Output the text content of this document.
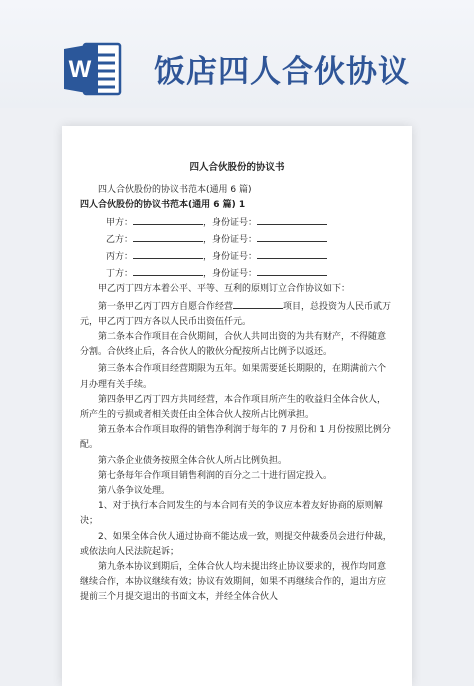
W 饭店四人合伙协议

四人合伙股份的协议书

四人合伙股份的协议书范本(通用 6 篇)

四人合伙股份的协议书范本(通用 6 篇) 1

甲方：	，身份证号：

乙方：	，身份证号：

丙方：	，身份证号：

丁方：	，身份证号：

甲乙丙丁四方本着公平、平等、互利的原则订立合作协议如下：

第一条甲乙丙丁四方自愿合作经营	项目，总投资为人民币贰万元，甲乙丙丁四方各以人民币出资伍仟元。

第二条本合作项目在合伙期间，合伙人共同出资的为共有财产，不得随意分割。合伙终止后，各合伙人的散伙分配按所占比例予以返还。

第三条本合作项目经营期限为五年。如果需要延长期限的，在期满前六个月办理有关手续。

第四条甲乙丙丁四方共同经营，本合作项目所产生的收益归全体合伙人，所产生的亏损或者相关责任由全体合伙人按所占比例承担。

第五条本合作项目取得的销售净利润于每年的 7 月份和 1 月份按照比例分配。

第六条企业债务按照全体合伙人所占比例负担。

第七条每年合作项目销售利润的百分之二十进行固定投入。

第八条争议处理。

1、对于执行本合同发生的与本合同有关的争议应本着友好协商的原则解决；

2、如果全体合伙人通过协商不能达成一致，则提交仲裁委员会进行仲裁，或依法向人民法院起诉；

第九条本协议到期后，全体合伙人均未提出终止协议要求的，视作均同意继续合作，本协议继续有效；协议有效期间，如果不再继续合作的，退出方应提前三个月提交退出的书面文本，并经全体合伙人
